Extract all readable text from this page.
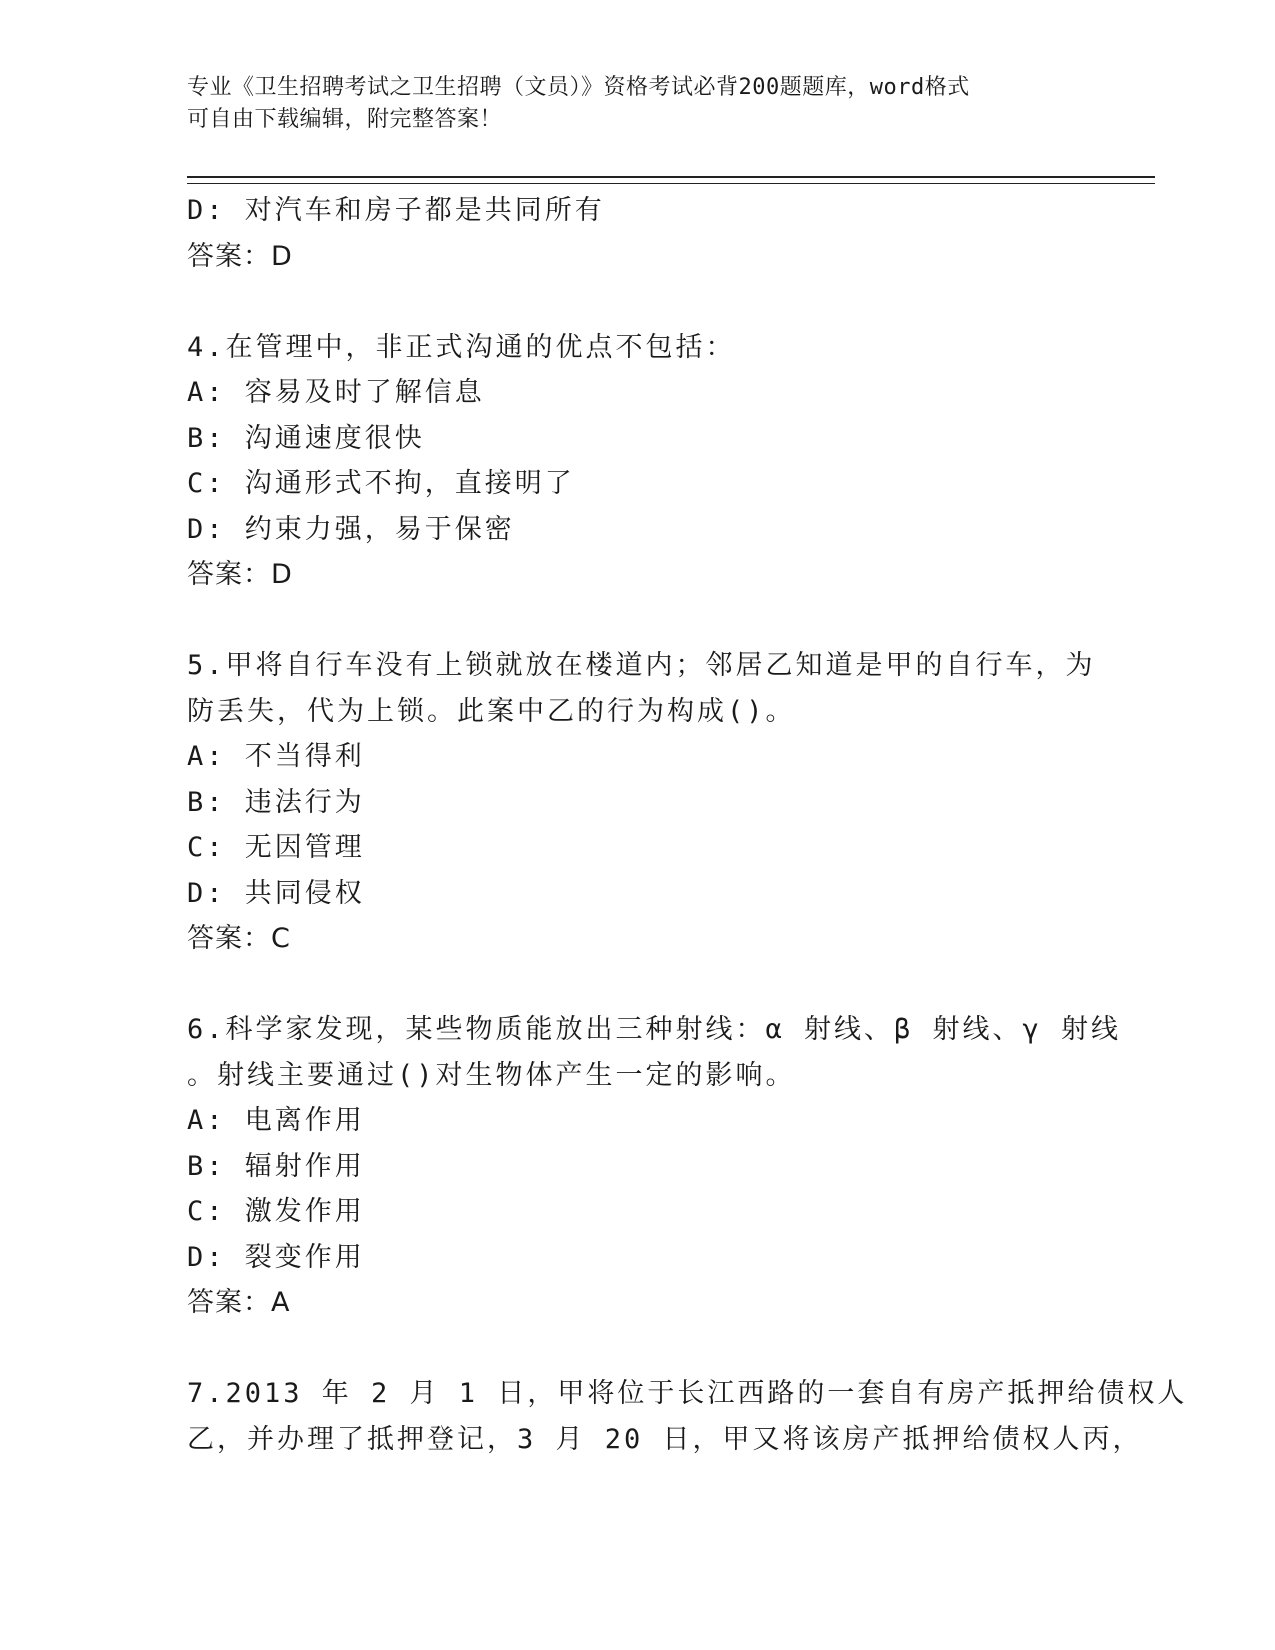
专业《卫生招聘考试之卫生招聘（文员）》资格考试必背200题题库，word格式
可自由下载编辑，附完整答案！
D: 对汽车和房子都是共同所有
答案：D
4.在管理中，非正式沟通的优点不包括：
A: 容易及时了解信息
B: 沟通速度很快
C: 沟通形式不拘，直接明了
D: 约束力强，易于保密
答案：D
5.甲将自行车没有上锁就放在楼道内；邻居乙知道是甲的自行车，为
防丢失，代为上锁。此案中乙的行为构成()。
A: 不当得利
B: 违法行为
C: 无因管理
D: 共同侵权
答案：C
6.科学家发现，某些物质能放出三种射线：α 射线、β 射线、γ 射线
。射线主要通过()对生物体产生一定的影响。
A: 电离作用
B: 辐射作用
C: 激发作用
D: 裂变作用
答案：A
7.2013 年 2 月 1 日，甲将位于长江西路的一套自有房产抵押给债权人
乙，并办理了抵押登记，3 月 20 日，甲又将该房产抵押给债权人丙，
